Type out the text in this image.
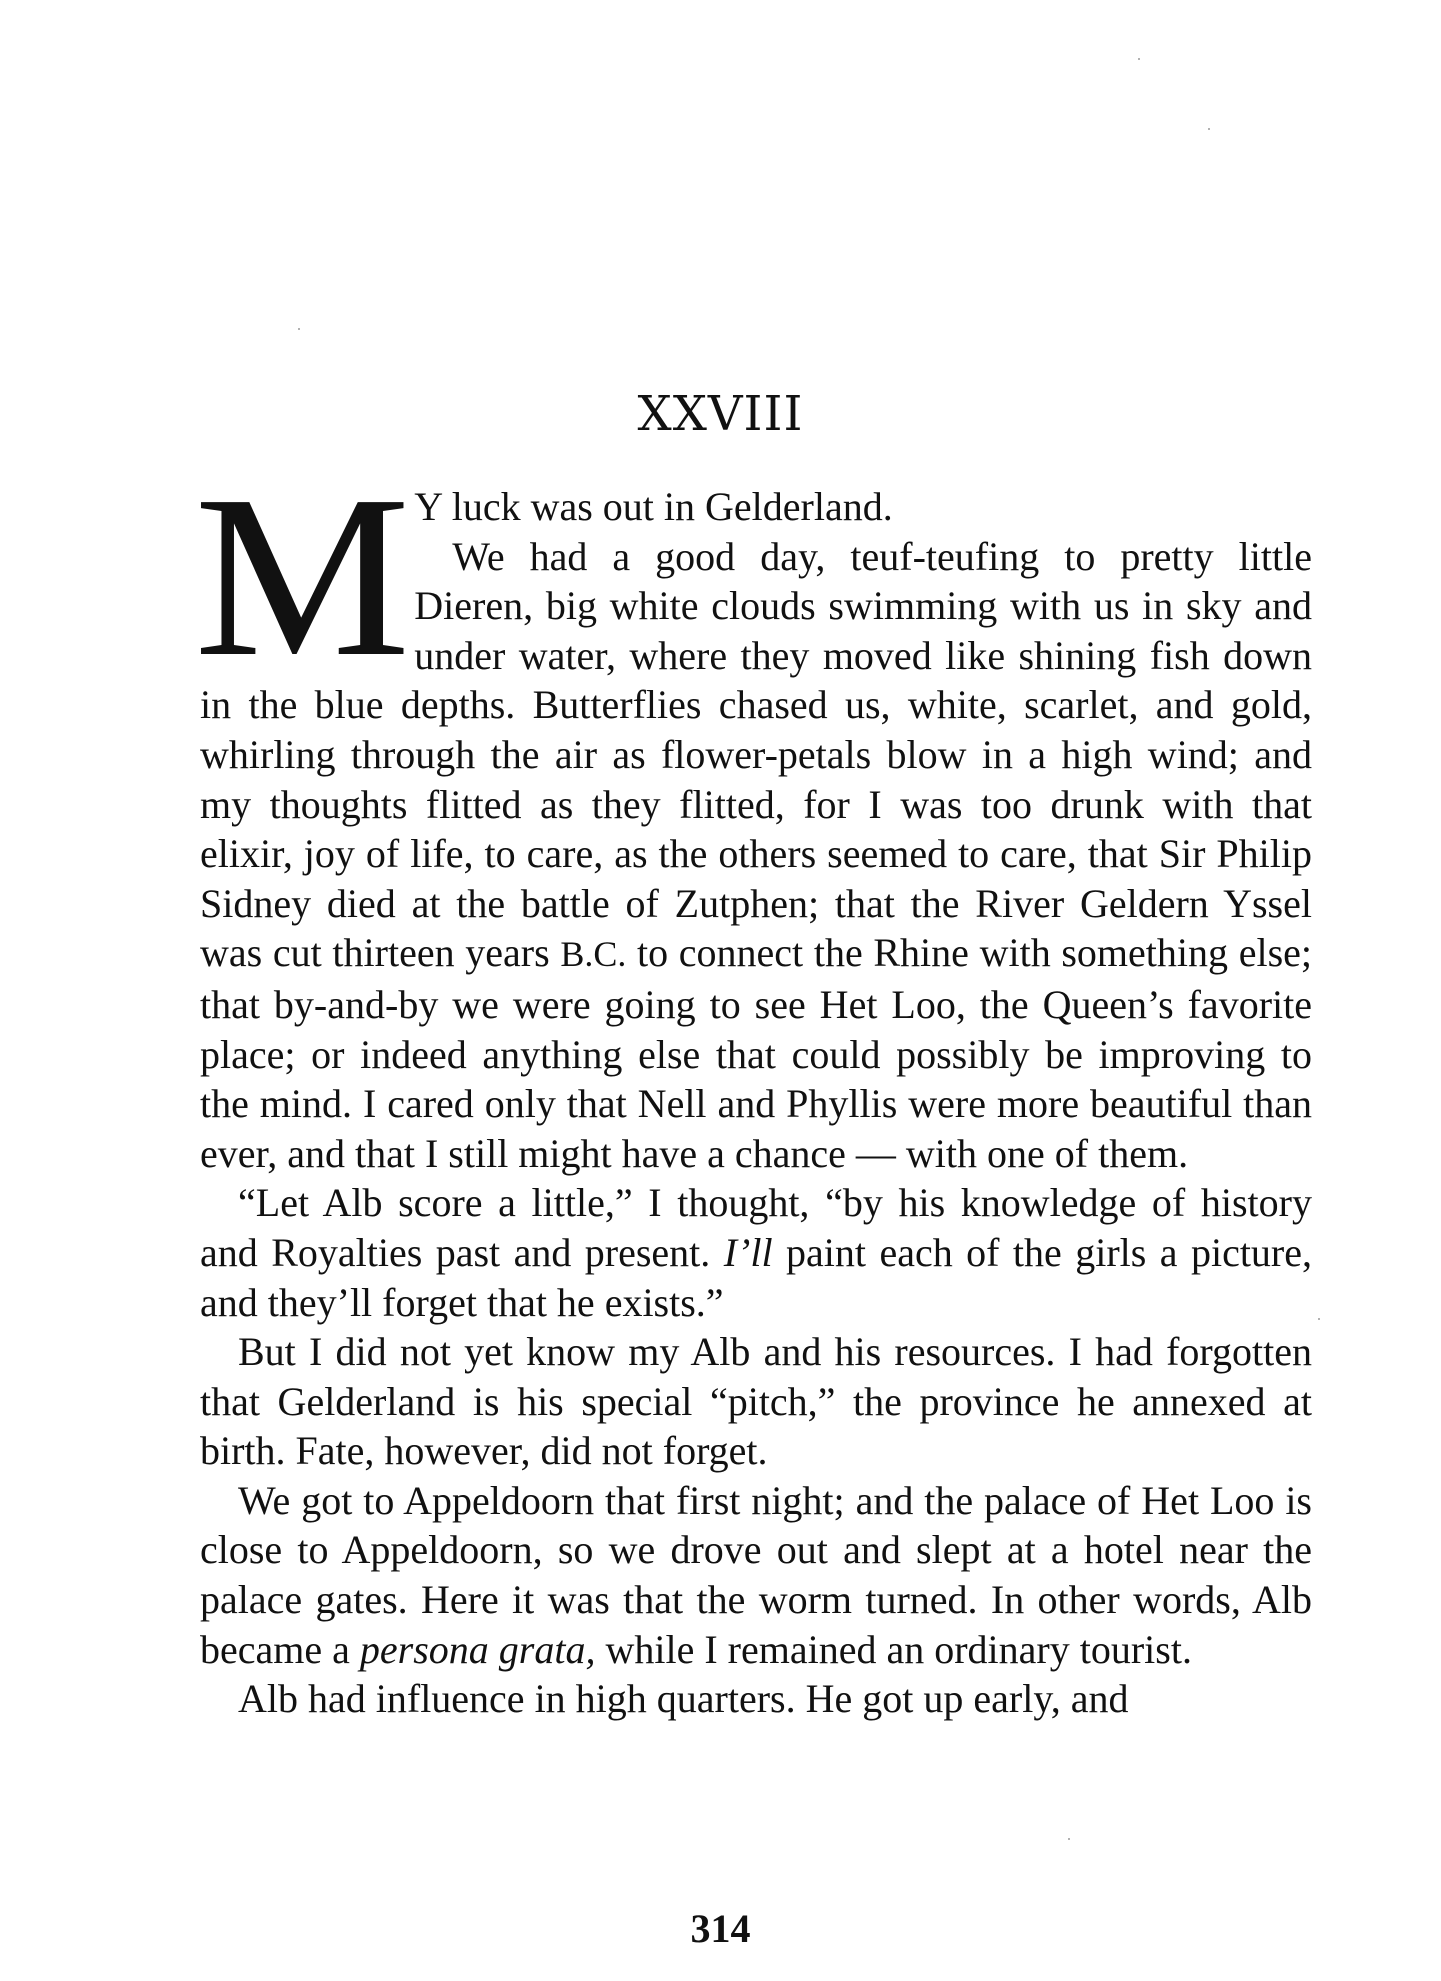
XXVIII

M Y luck was out in Gelderland.

We had a good day, teuf-teufing to pretty little Dieren, big white clouds swimming with us in sky and under water, where they moved like shining fish down in the blue depths. Butterflies chased us, white, scarlet, and gold, whirling through the air as flower-petals blow in a high wind; and my thoughts flitted as they flitted, for I was too drunk with that elixir, joy of life, to care, as the others seemed to care, that Sir Philip Sidney died at the battle of Zutphen; that the River Geldern Yssel was cut thirteen years B.C. to connect the Rhine with something else; that by-and-by we were going to see Het Loo, the Queen’s favorite place; or indeed anything else that could possibly be improving to the mind. I cared only that Nell and Phyllis were more beautiful than ever, and that I still might have a chance — with one of them.

“Let Alb score a little,” I thought, “by his knowledge of history and Royalties past and present. I’ll paint each of the girls a picture, and they’ll forget that he exists.”

But I did not yet know my Alb and his resources. I had forgotten that Gelderland is his special “pitch,” the province he annexed at birth. Fate, however, did not forget.

We got to Appeldoorn that first night; and the palace of Het Loo is close to Appeldoorn, so we drove out and slept at a hotel near the palace gates. Here it was that the worm turned. In other words, Alb became a persona grata, while I remained an ordinary tourist.

Alb had influence in high quarters. He got up early, and

314
